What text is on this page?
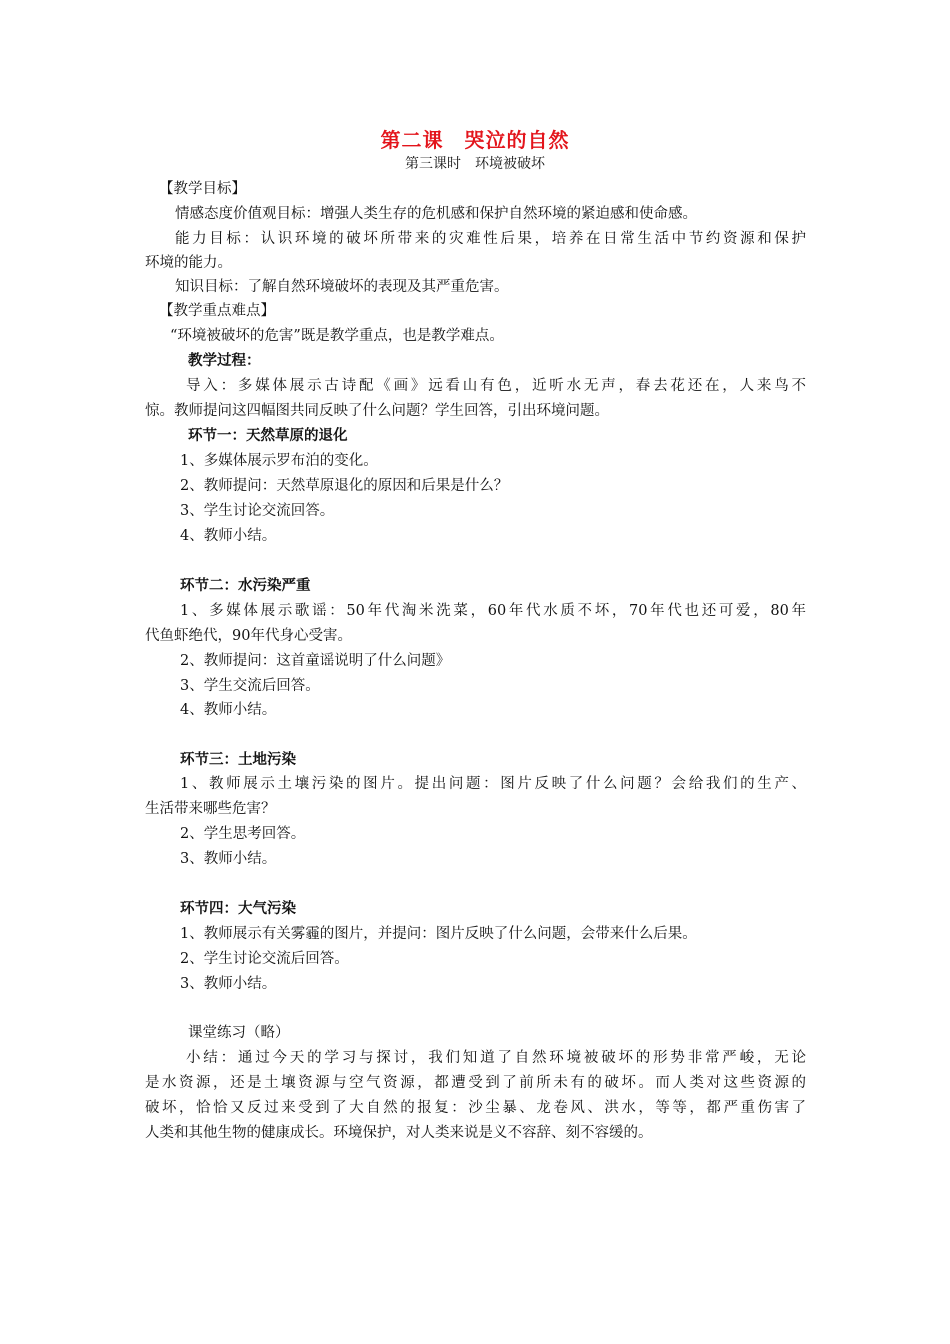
第二课　哭泣的自然
第三课时　环境被破坏
【教学目标】
情感态度价值观目标：增强人类生存的危机感和保护自然环境的紧迫感和使命感。
能力目标：认识环境的破坏所带来的灾难性后果，培养在日常生活中节约资源和保护
环境的能力。
知识目标：了解自然环境破坏的表现及其严重危害。
【教学重点难点】
“环境被破坏的危害”既是教学重点，也是教学难点。
教学过程：
导入：多媒体展示古诗配《画》远看山有色，近听水无声，春去花还在，人来鸟不
惊。教师提问这四幅图共同反映了什么问题？学生回答，引出环境问题。
环节一：天然草原的退化
1、多媒体展示罗布泊的变化。
2、教师提问：天然草原退化的原因和后果是什么？
3、学生讨论交流回答。
4、教师小结。
环节二：水污染严重
1、多媒体展示歌谣：50年代淘米洗菜，60年代水质不坏，70年代也还可爱，80年
代鱼虾绝代，90年代身心受害。
2、教师提问：这首童谣说明了什么问题》
3、学生交流后回答。
4、教师小结。
环节三：土地污染
1、教师展示土壤污染的图片。提出问题：图片反映了什么问题？会给我们的生产、
生活带来哪些危害？
2、学生思考回答。
3、教师小结。
环节四：大气污染
1、教师展示有关雾霾的图片，并提问：图片反映了什么问题，会带来什么后果。
2、学生讨论交流后回答。
3、教师小结。
课堂练习（略）
小结：通过今天的学习与探讨，我们知道了自然环境被破坏的形势非常严峻，无论
是水资源，还是土壤资源与空气资源，都遭受到了前所未有的破坏。而人类对这些资源的
破坏，恰恰又反过来受到了大自然的报复：沙尘暴、龙卷风、洪水，等等，都严重伤害了
人类和其他生物的健康成长。环境保护，对人类来说是义不容辞、刻不容缓的。
